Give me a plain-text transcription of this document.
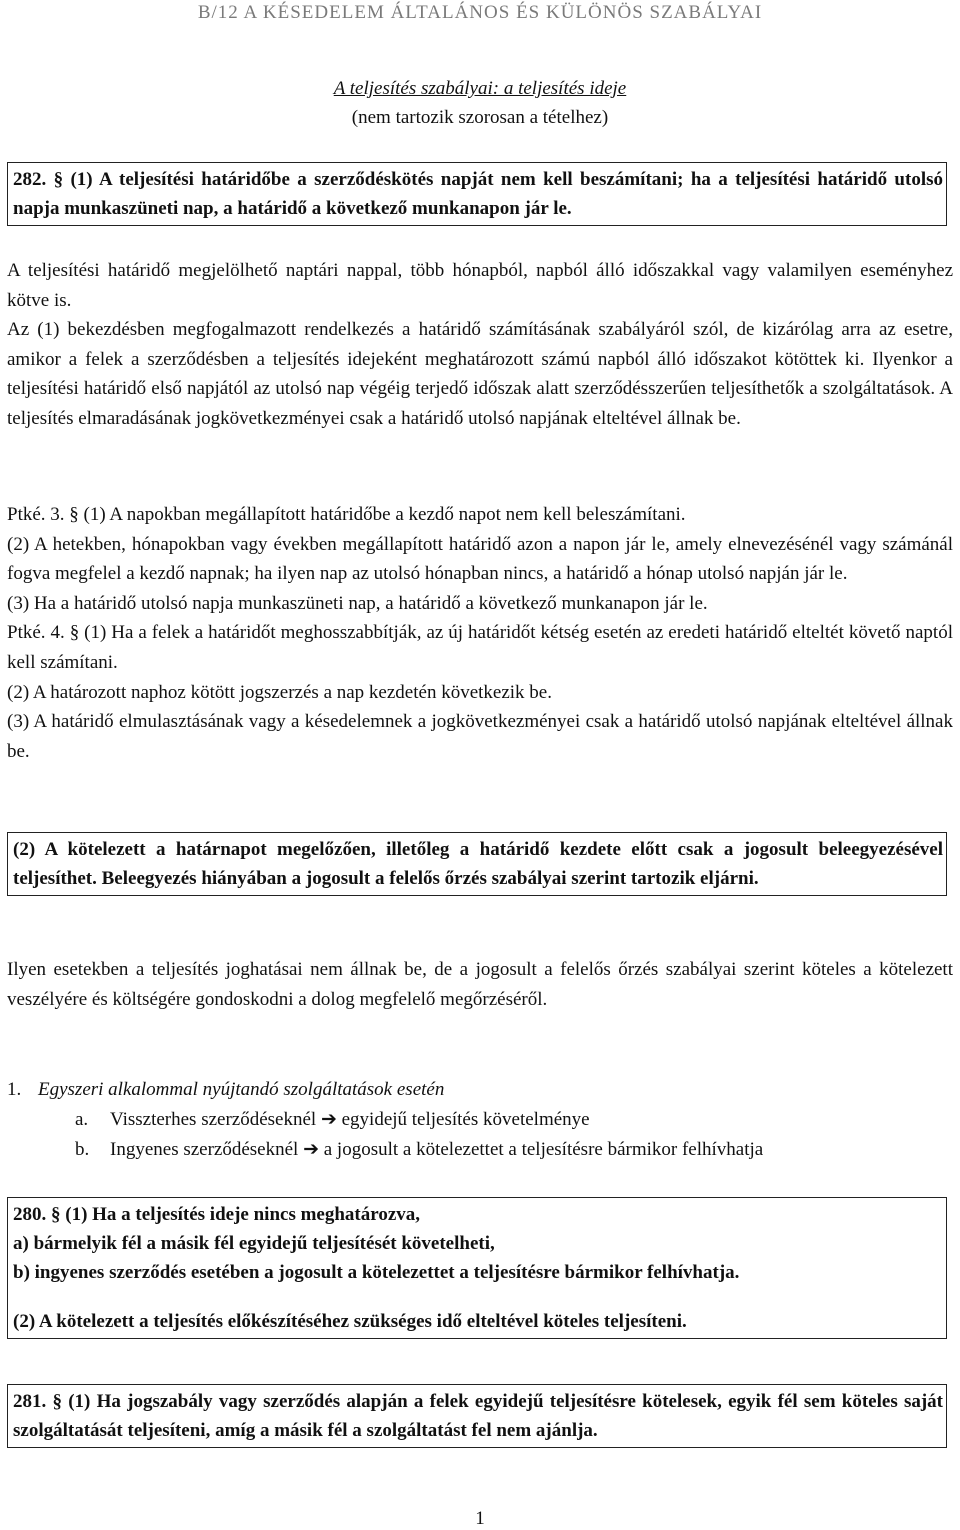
B/12 A KÉSEDELEM ÁLTALÁNOS ÉS KÜLÖNÖS SZABÁLYAI
A teljesítés szabályai: a teljesítés ideje
(nem tartozik szorosan a tételhez)

282. § (1) A teljesítési határidőbe a szerződéskötés napját nem kell beszámítani; ha a teljesítési határidő utolsó napja munkaszüneti nap, a határidő a következő munkanapon jár le.

A teljesítési határidő megjelölhető naptári nappal, több hónapból, napból álló időszakkal vagy valamilyen eseményhez kötve is.

Az (1) bekezdésben megfogalmazott rendelkezés a határidő számításának szabályáról szól, de kizárólag arra az esetre, amikor a felek a szerződésben a teljesítés idejeként meghatározott számú napból álló időszakot kötöttek ki. Ilyenkor a teljesítési határidő első napjától az utolsó nap végéig terjedő időszak alatt szerződésszerűen teljesíthetők a szolgáltatások. A teljesítés elmaradásának jogkövetkezményei csak a határidő utolsó napjának elteltével állnak be.

Ptké. 3. § (1) A napokban megállapított határidőbe a kezdő napot nem kell beleszámítani.

(2) A hetekben, hónapokban vagy években megállapított határidő azon a napon jár le, amely elnevezésénél vagy számánál fogva megfelel a kezdő napnak; ha ilyen nap az utolsó hónapban nincs, a határidő a hónap utolsó napján jár le.

(3) Ha a határidő utolsó napja munkaszüneti nap, a határidő a következő munkanapon jár le.

Ptké. 4. § (1) Ha a felek a határidőt meghosszabbítják, az új határidőt kétség esetén az eredeti határidő elteltét követő naptól kell számítani.

(2) A határozott naphoz kötött jogszerzés a nap kezdetén következik be.

(3) A határidő elmulasztásának vagy a késedelemnek a jogkövetkezményei csak a határidő utolsó napjának elteltével állnak be.

(2) A kötelezett a határnapot megelőzően, illetőleg a határidő kezdete előtt csak a jogosult beleegyezésével teljesíthet. Beleegyezés hiányában a jogosult a felelős őrzés szabályai szerint tartozik eljárni.

Ilyen esetekben a teljesítés joghatásai nem állnak be, de a jogosult a felelős őrzés szabályai szerint köteles a kötelezett veszélyére és költségére gondoskodni a dolog megfelelő megőrzéséről.

1. Egyszeri alkalommal nyújtandó szolgáltatások esetén
a. Visszterhes szerződéseknél ➔ egyidejű teljesítés követelménye
b. Ingyenes szerződéseknél ➔ a jogosult a kötelezettet a teljesítésre bármikor felhívhatja

280. § (1) Ha a teljesítés ideje nincs meghatározva,

a) bármelyik fél a másik fél egyidejű teljesítését követelheti,

b) ingyenes szerződés esetében a jogosult a kötelezettet a teljesítésre bármikor felhívhatja.

(2) A kötelezett a teljesítés előkészítéséhez szükséges idő elteltével köteles teljesíteni.

281. § (1) Ha jogszabály vagy szerződés alapján a felek egyidejű teljesítésre kötelesek, egyik fél sem köteles saját szolgáltatását teljesíteni, amíg a másik fél a szolgáltatást fel nem ajánlja.

1
